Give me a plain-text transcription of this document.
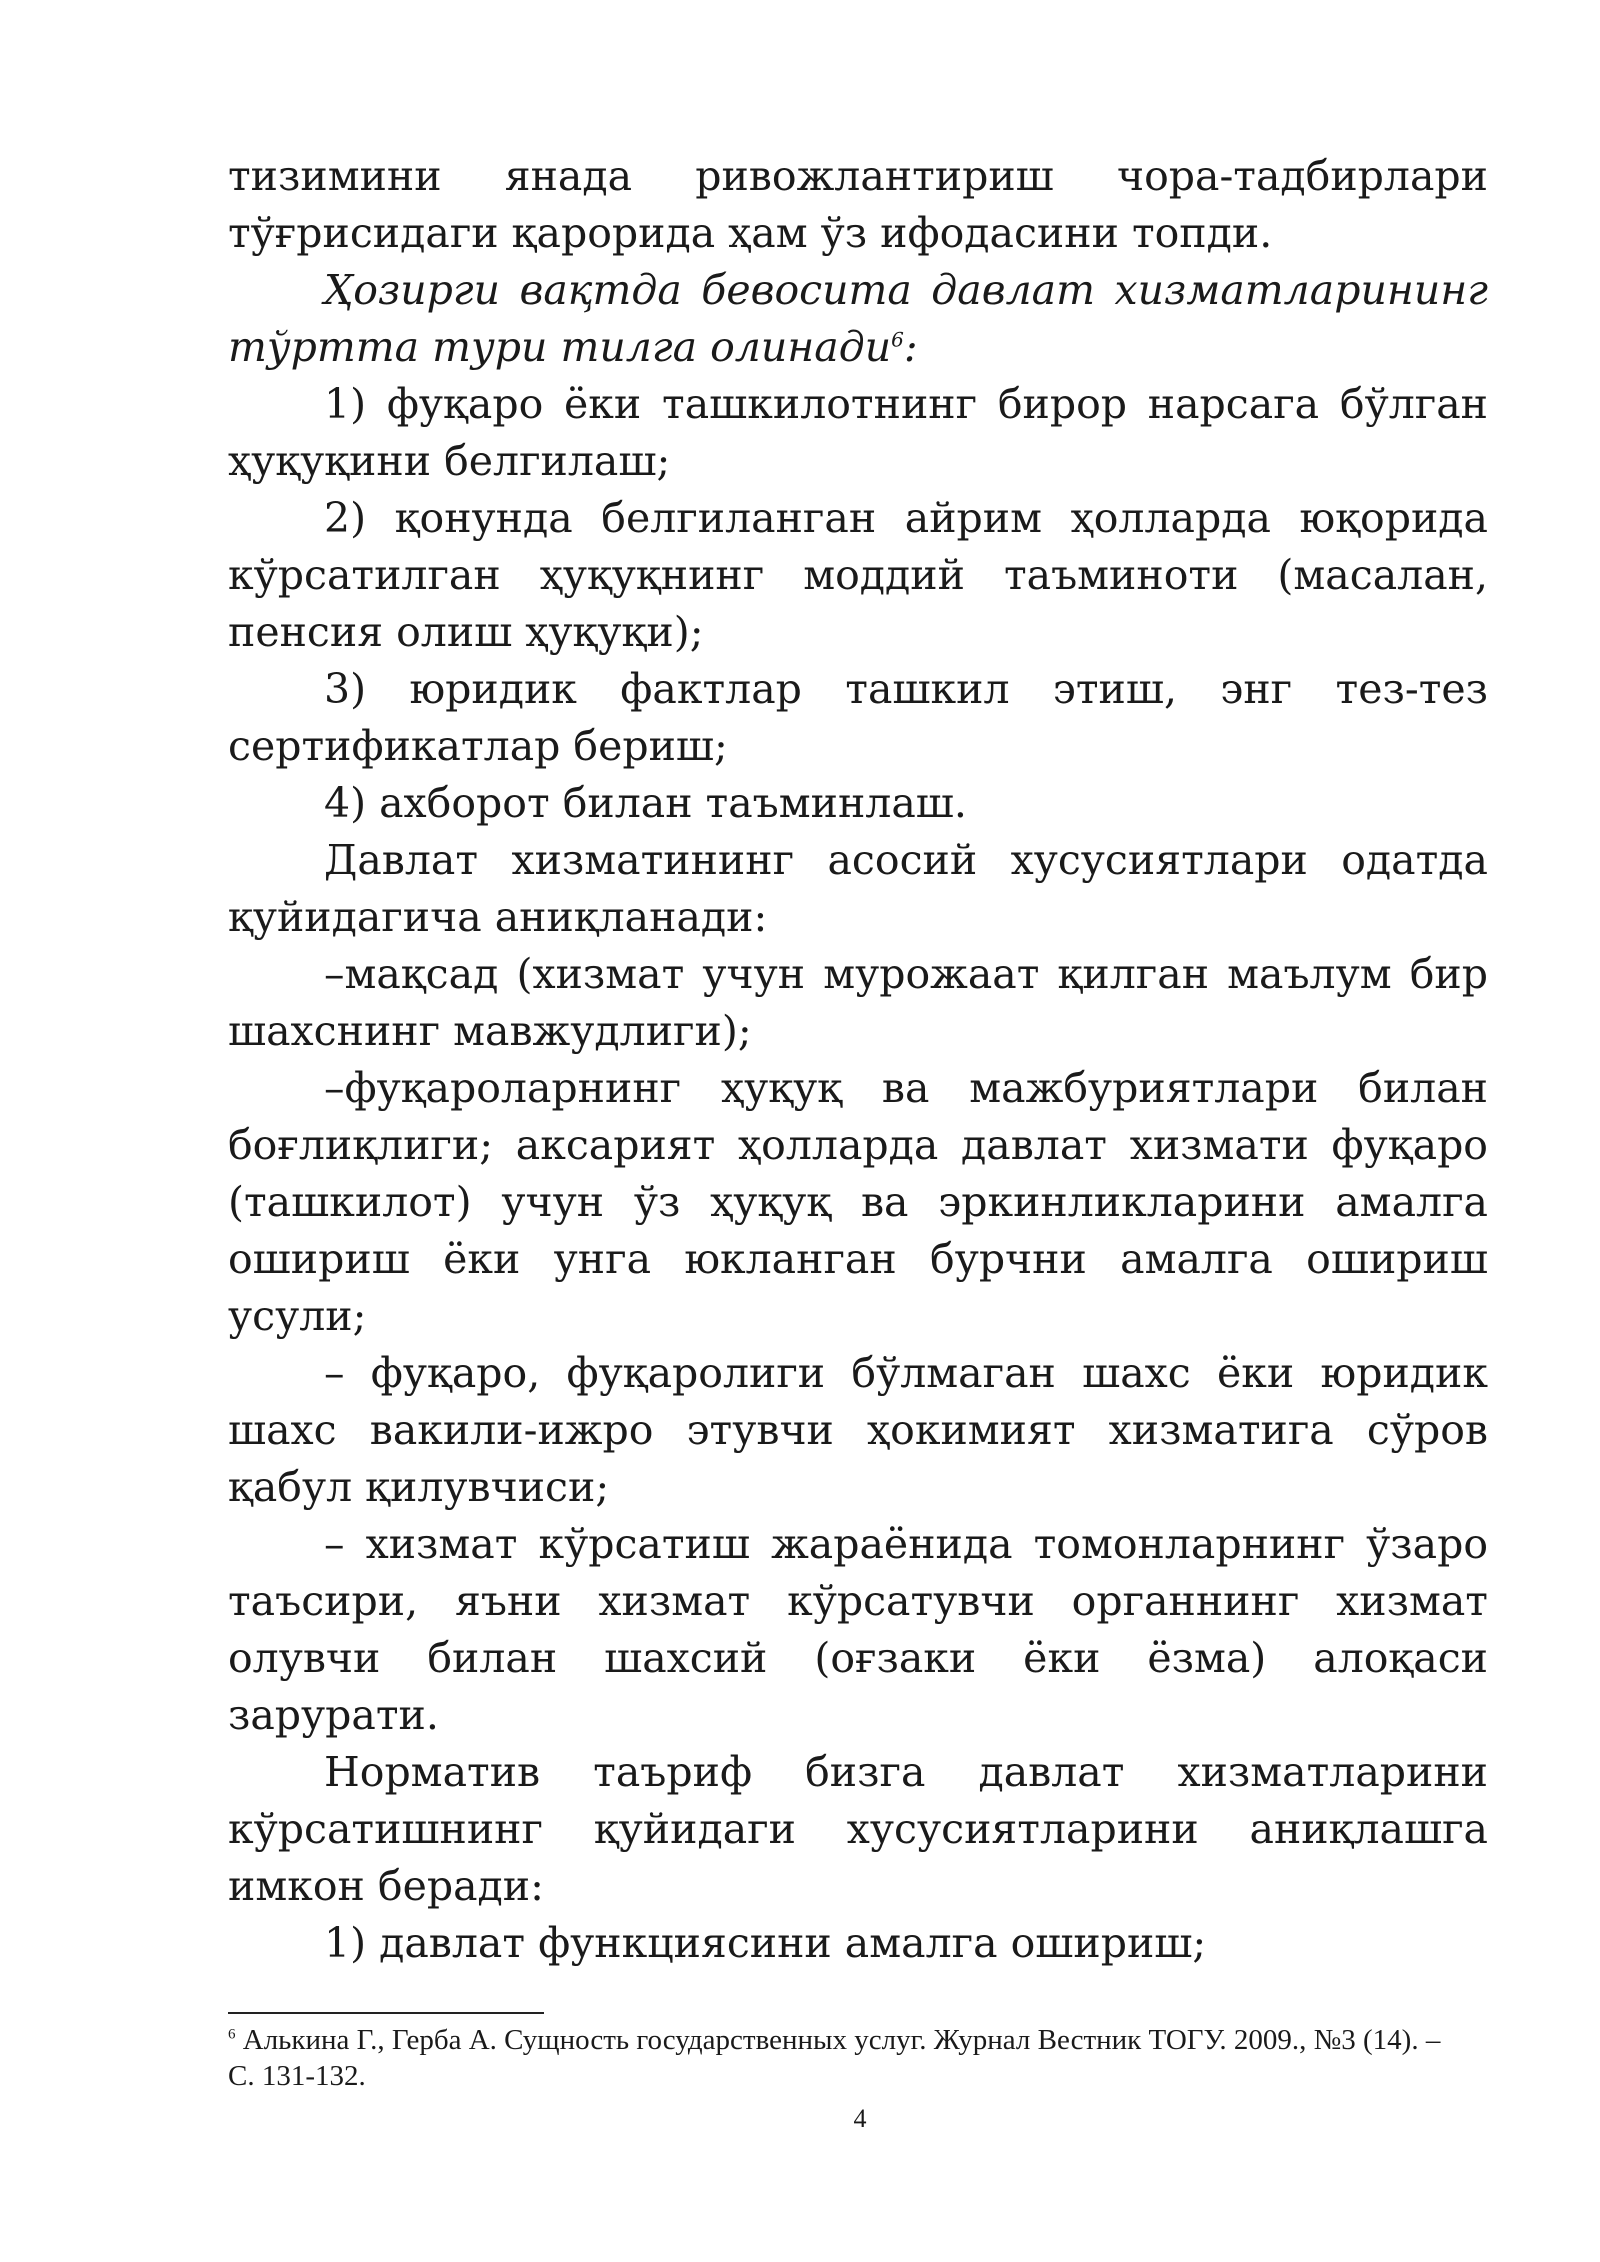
тизимини янада ривожлантириш чора-тадбирлари тўғрисидаги қарорида ҳам ўз ифодасини топди.

Ҳозирги вақтда бевосита давлат хизматларининг тўртта тури тилга олинади$^6$:

1) фуқаро ёки ташкилотнинг бирор нарсага бўлган ҳуқуқини белгилаш;

2) қонунда белгиланган айрим ҳолларда юқорида кўрсатилган ҳуқуқнинг моддий таъминоти (масалан, пенсия олиш ҳуқуқи);

3) юридик фактлар ташкил этиш, энг тез-тез сертификатлар бериш;

4) ахборот билан таъминлаш.

Давлат хизматининг асосий хусусиятлари одатда қуйидагича аниқланади:

–мақсад (хизмат учун мурожаат қилган маълум бир шахснинг мавжудлиги);

–фуқароларнинг ҳуқуқ ва мажбуриятлари билан боғлиқлиги; аксарият ҳолларда давлат хизмати фуқаро (ташкилот) учун ўз ҳуқуқ ва эркинликларини амалга ошириш ёки унга юкланган бурчни амалга ошириш усули;

– фуқаро, фуқаролиги бўлмаган шахс ёки юридик шахс вакили-ижро этувчи ҳокимият хизматига сўров қабул қилувчиси;

– хизмат кўрсатиш жараёнида томонларнинг ўзаро таъсири, яъни хизмат кўрсатувчи органнинг хизмат олувчи билан шахсий (оғзаки ёки ёзма) алоқаси зарурати.

Норматив таъриф бизга давлат хизматларини кўрсатишнинг қуйидаги хусусиятларини аниқлашга имкон беради:

1) давлат функциясини амалга ошириш;

$^6$ Алькина Г., Герба А. Сущность государственных услуг. Журнал Вестник ТОГУ. 2009., №3 (14). – С. 131-132.
4
